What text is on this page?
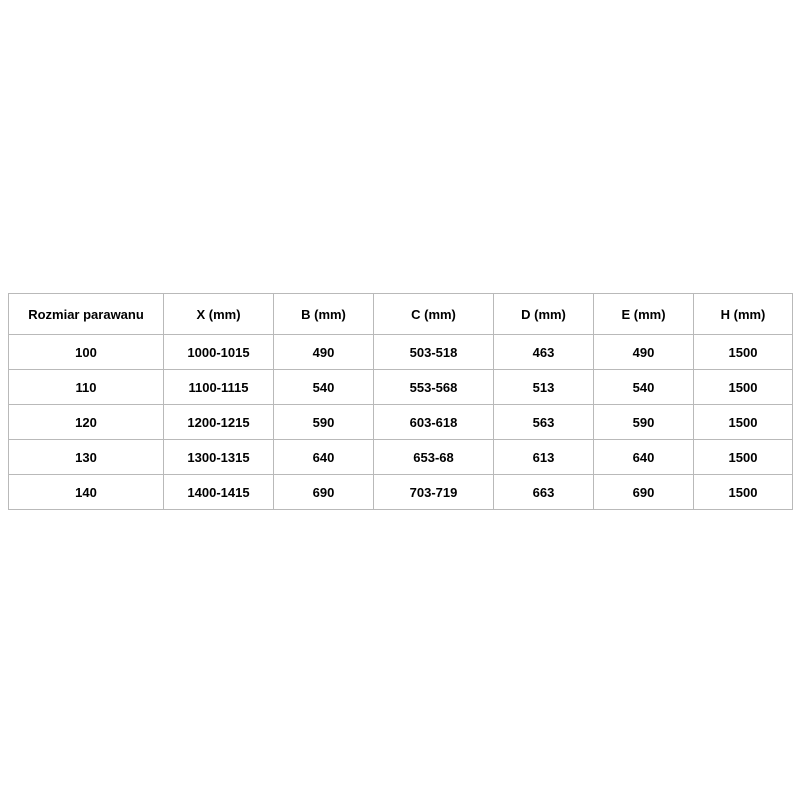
Rozmiar parawanu	X (mm)	B (mm)	C (mm)	D (mm)	E (mm)	H (mm)
100	1000-1015	490	503-518	463	490	1500
110	1100-1115	540	553-568	513	540	1500
120	1200-1215	590	603-618	563	590	1500
130	1300-1315	640	653-68	613	640	1500
140	1400-1415	690	703-719	663	690	1500
